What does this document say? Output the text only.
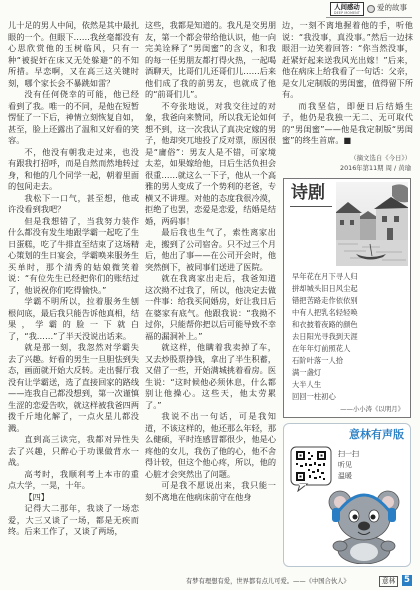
人间感动
DEEP MOMENT
爱的故事

儿十足的男人中间，依然是其中最扎眼的一个。但眼下……我丝毫都没有心思欣赏他的玉树临风，只有一种“被捉奸在床又无处躲避”的不知所措。早恋啊，又在高三这关键时刻，哪个家长会不暴跳如雷？

没有任何侥幸的可能，他已经看到了我。唯一的不同，是他在短暂愣怔了一下后，神情立刻恢复自如，甚至，脸上还露出了温和又好看的笑容。

不，他没有朝我走过来，也没有跟我打招呼，而是自然而然地转过身，和他的几个同学一起，朝着里面的包间走去。

我松下一口气，甚至想，他或许没看到我吧？

但是我想错了，当我努力装作什么都没有发生地跟学霸一起吃了生日蛋糕，吃了牛排直至结束了这场精心策划的生日宴会，学霸唤来服务生买单时，那个清秀的姑娘微笑着说：“有位先生已经把你们的账结过了，他说祝你们吃得愉快。”

学霸不明所以，拉着服务生刨根问底，最后我只能告诉他真相，结果，学霸的脸一下就白了，“我……”了半天没说出话来。

就是那一刻，我忽然对学霸失去了兴趣。好看的男生一旦胆怯到失态，画面就开始大反转。走出餐厅我没有让学霸送，选了直接回家的路线——连我自己都没想到，第一次谨慎生涩的恋爱告吹，就这样被我爸四两拨千斤地化解了，一点火星儿都没溅。

直到高三读完，我都对异性失去了兴趣，只醉心于功课做背水一战。

高考时，我顺利考上本市的重点大学，一晃，十年。

【四】

记得大二那年，我谈了一场恋爱，大三又谈了一场，都是无疾而终。后来工作了，又谈了两场，

这些，我都是知道的。我凡是交男朋友，第一个都会带给他认识，他一向完美诠释了“男闺蜜”的含义，和我的每一任男朋友都打得火热，一起喝酒聊天，比哥们儿还哥们儿……后来他们成了我的前男友，也就成了他的“前哥们儿”。

不夸张地说，对我交往过的对象，我爸向来赞同，所以我无论如何想不到，这一次我认了真决定嫁的男子，他却突兀地投了反对票，原因很是“庸俗”：男友人是不错，可家境太差，如果嫁给他，日后生活负担会很重……就这么一下子，他从一个高雅的男人变成了一个势利的老爸，专横又不讲理。对他的态度我很冷漠，拒绝了也罢，恋爱是恋爱，结婚是结婚，两码事！

最后我也生气了，索性离家出走，搬到了公司宿舍。只不过三个月后，他出了事——在公司开会时，他突然倒下，被同事们送进了医院。

就在我离家出走后，我爸知道这次拗不过我了，所以，他决定去做一件事：给我买间婚房，好让我日后在婆家有底气。他跟我说：“我拗不过你，只能帮你把以后可能导致不幸福的漏洞补上。”

就这样，他瞒着我卖掉了车，又去炒股票挣钱，拿出了半生积蓄，又借了一些，开始满城挑着看房。医生说：“这时候他必须休息，什么都别让他操心。这些天，他太劳累了。”

我说不出一句话，可是我知道，不该这样的，他还那么年轻，那么健硕，平时连感冒都很少，他是心疼他的女儿，我伤了他的心，他不舍得计较，但这个他心疼，所以，他的心脏才会突然出了问题。

可是我不愿说出来，我只能一刻不离地在他病床前守在他身

边，一刻不离地握着他的手，听他说：“我没事，真没事。”然后一边抹眼泪一边笑着回答：“你当然没事，赶紧好起来送我风光出嫁！”后来，他在病床上给我看了一句话：父亲，是女儿定制版的男闺蜜，值得留下所有。

而我坚信，即便日后结婚生子，他仍是我独一无二、无可取代的“男闺蜜”——他是我定制版“男闺蜜”的终生首席。■

（摘文选自《今日》）
2016年第11期 周 / 黄瑜
诗剧
早年花在月下寻人归
拼却城头旧日风尘起
错把苦路走作依依别
中有人把乳名轻轻唤
和衣披着夜路的颜色
去日阳光寻我到天涯
在年年灯前照花人
石阶叶落一人拾
满一盏灯
大半人生
回回一柱初心
——小小涛《以明月》
意林有声版
扫一扫
听见
温暖
有梦有理想有爱，世界都有点儿可爱。——《中国合伙人》	意林	5
